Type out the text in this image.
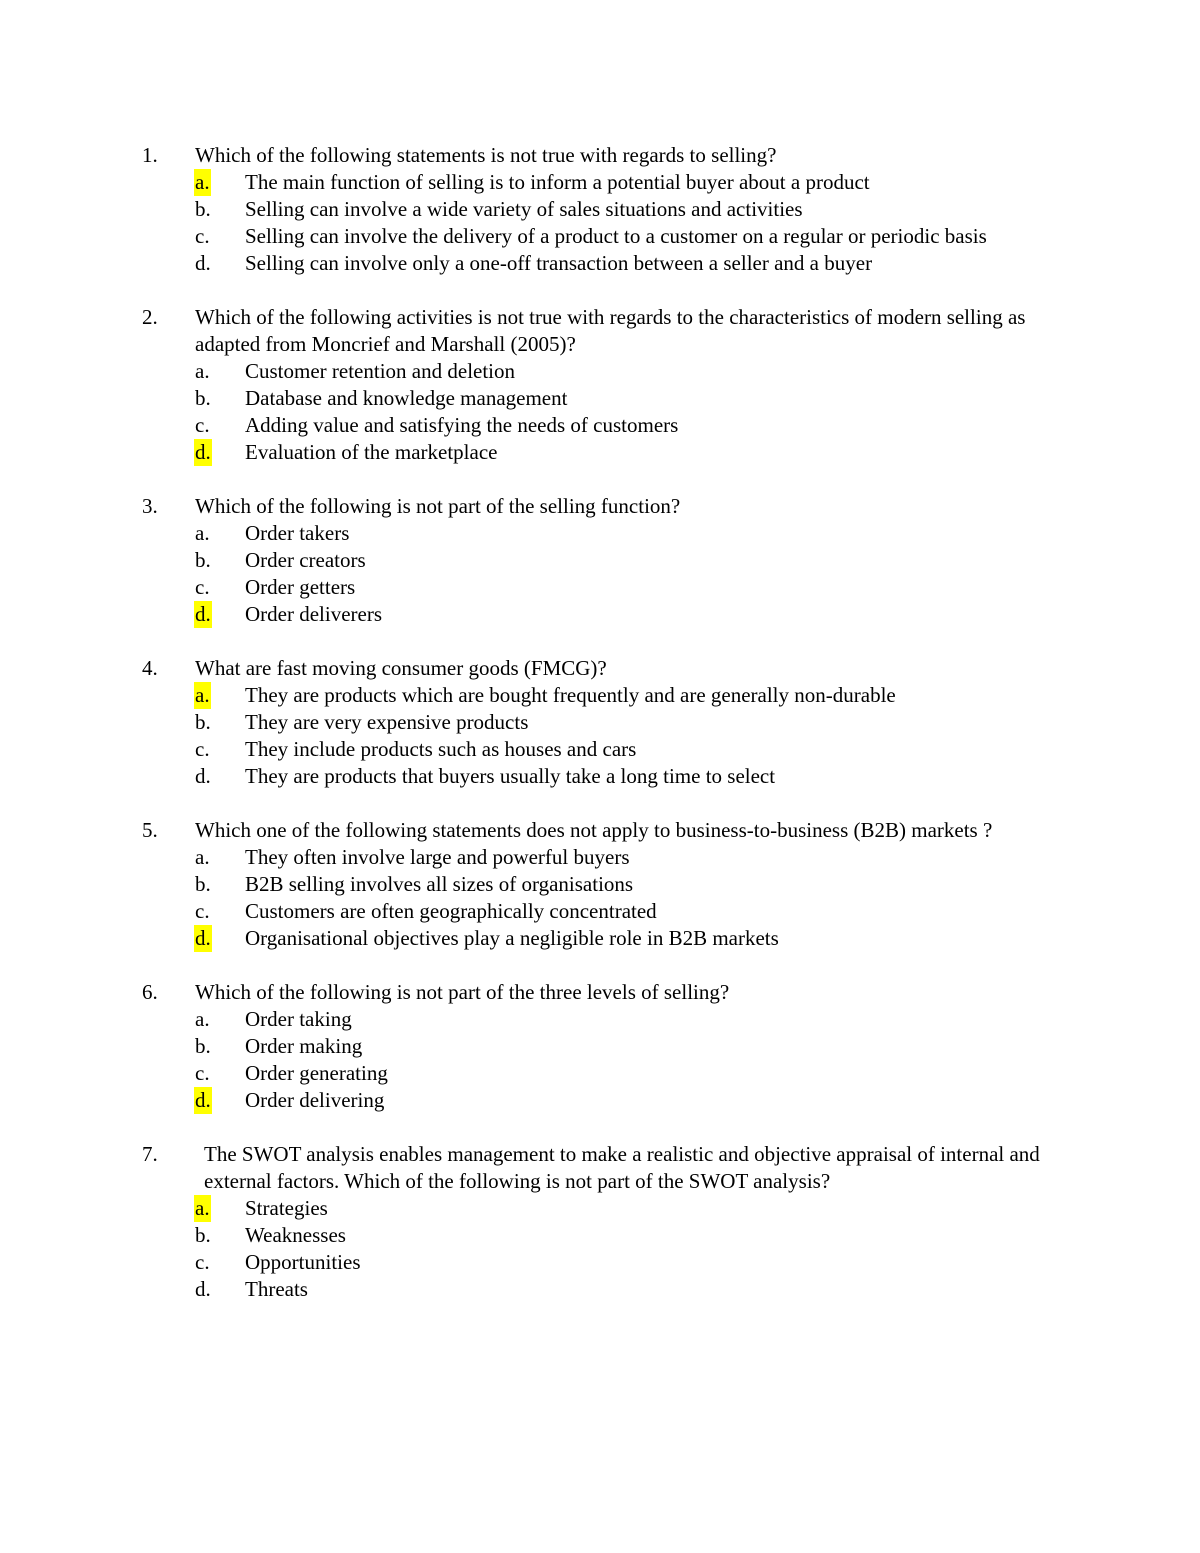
1. Which of the following statements is not true with regards to selling?
a. The main function of selling is to inform a potential buyer about a product
b. Selling can involve a wide variety of sales situations and activities
c. Selling can involve the delivery of a product to a customer on a regular or periodic basis
d. Selling can involve only a one-off transaction between a seller and a buyer
2. Which of the following activities is not true with regards to the characteristics of modern selling as adapted from Moncrief and Marshall (2005)?
a. Customer retention and deletion
b. Database and knowledge management
c. Adding value and satisfying the needs of customers
d. Evaluation of the marketplace
3. Which of the following is not part of the selling function?
a. Order takers
b. Order creators
c. Order getters
d. Order deliverers
4. What are fast moving consumer goods (FMCG)?
a. They are products which are bought frequently and are generally non-durable
b. They are very expensive products
c. They include products such as houses and cars
d. They are products that buyers usually take a long time to select
5. Which one of the following statements does not apply to business-to-business (B2B) markets ?
a. They often involve large and powerful buyers
b. B2B selling involves all sizes of organisations
c. Customers are often geographically concentrated
d. Organisational objectives play a negligible role in B2B markets
6. Which of the following is not part of the three levels of selling?
a. Order taking
b. Order making
c. Order generating
d. Order delivering
7. The SWOT analysis enables management to make a realistic and objective appraisal of internal and external factors. Which of the following is not part of the SWOT analysis?
a. Strategies
b. Weaknesses
c. Opportunities
d. Threats
